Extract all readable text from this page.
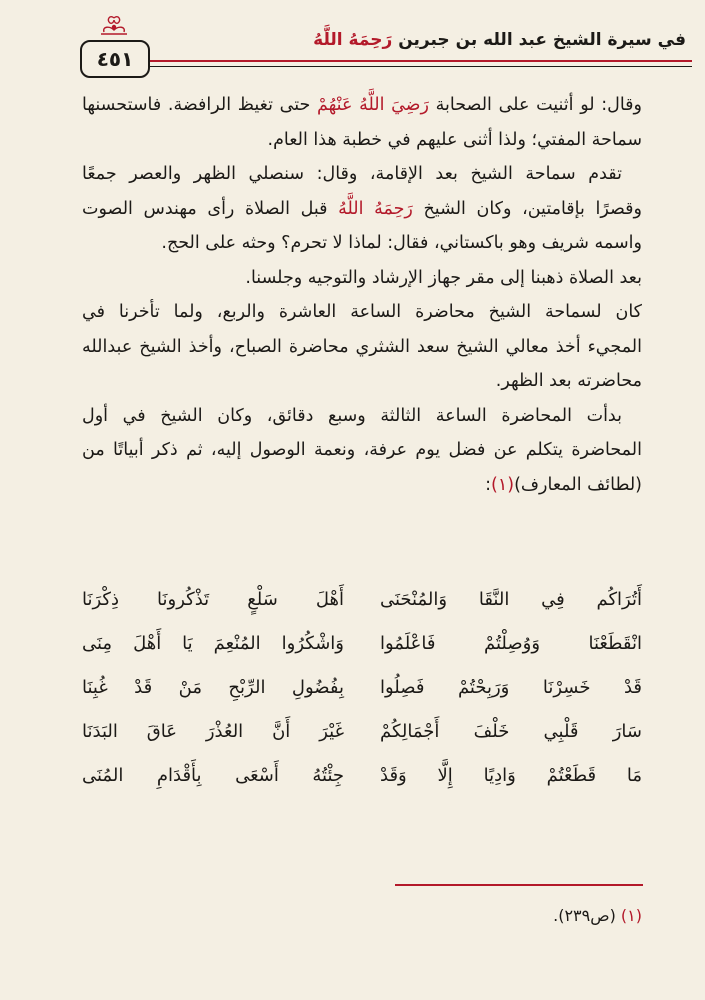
٤٥١
في سيرة الشيخ عبد الله بن جبرين رَحِمَهُ اللَّهُ
وقال: لو أثنيت على الصحابة رَضِيَ اللَّهُ عَنْهُمْ حتى تغيظ الرافضة. فاستحسنها
سماحة المفتي؛ ولذا أثنى عليهم في خطبة هذا العام.
تقدم سماحة الشيخ بعد الإقامة، وقال: سنصلي الظهر والعصر جمعًا
وقصرًا بإقامتين، وكان الشيخ رَحِمَهُ اللَّهُ قبل الصلاة رأى مهندس الصوت
واسمه شريف وهو باكستاني، فقال: لماذا لا تحرم؟ وحثه على الحج.
بعد الصلاة ذهبنا إلى مقر جهاز الإرشاد والتوجيه وجلسنا.
كان لسماحة الشيخ محاضرة الساعة العاشرة والربع، ولما تأخرنا في
المجيء أخذ معالي الشيخ سعد الشثري محاضرة الصباح، وأخذ الشيخ عبدالله
محاضرته بعد الظهر.
بدأت المحاضرة الساعة الثالثة وسبع دقائق، وكان الشيخ في أول
المحاضرة يتكلم عن فضل يوم عرفة، ونعمة الوصول إليه، ثم ذكر أبياتًا من
(لطائف المعارف)(١):
أَتُرَاكُم فِي النَّقَا وَالمُنْحَنَى
أَهْلَ سَلْعٍ تَذْكُرونَا ذِكْرَنَا
انْقَطَعْنَا وَوُصِلْتُمْ فَاعْلَمُوا
وَاشْكُرُوا المُنْعِمَ يَا أَهْلَ مِنَى
قَدْ خَسِرْنَا وَرَبِحْتُمْ فَصِلُوا
بِفُضُولِ الرِّبْحِ مَنْ قَدْ غُبِنَا
سَارَ قَلْبِي خَلْفَ أَجْمَالِكُمْ
غَيْرَ أَنَّ العُذْرَ عَاقَ البَدَنَا
مَا قَطَعْتُمْ وَادِيًا إِلَّا وَقَدْ
جِئْتُهُ أَسْعَى بِأَقْدَامِ المُنَى
(١) (ص٢٣٩).
